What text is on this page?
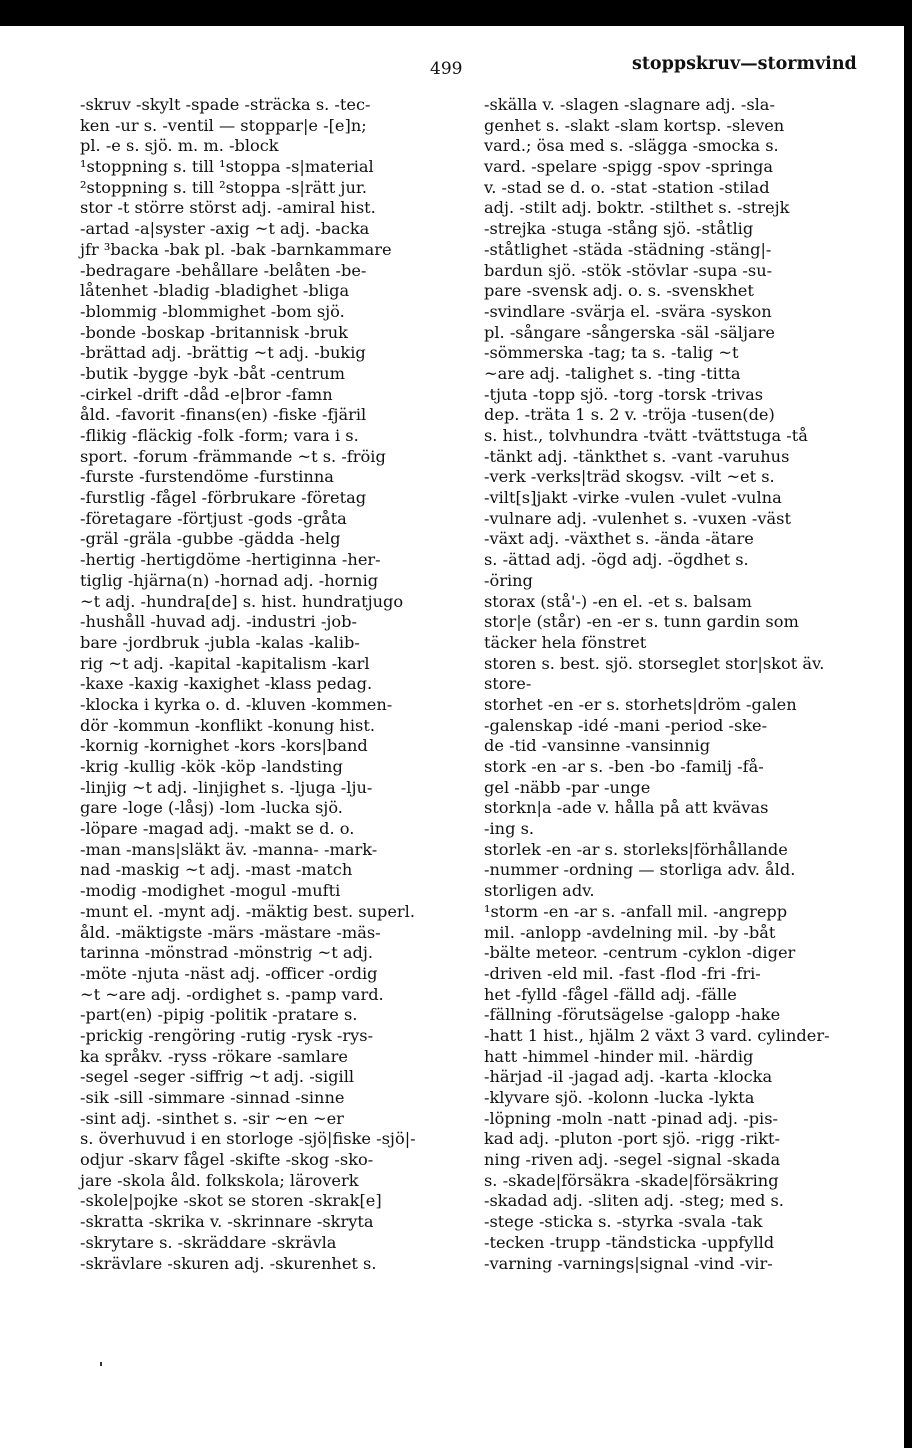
499	stoppskruv—stormvind
-skruv -skylt -spade -sträcka s. -tec-
ken -ur s. -ventil — stoppar|e -[e]n;
pl. -e s. sjö. m. m. -block
¹stoppning s. till ¹stoppa -s|material
²stoppning s. till ²stoppa -s|rätt jur.
stor -t större störst adj. -amiral hist.
-artad -a|syster -axig ~t adj. -backa
jfr ³backa -bak pl. -bak -barnkammare
-bedragare -behållare -belåten -be-
låtenhet -bladig -bladighet -bliga
-blommig -blommighet -bom sjö.
-bonde -boskap -britannisk -bruk
-brättad adj. -brättig ~t adj. -bukig
-butik -bygge -byk -båt -centrum
-cirkel -drift -dåd -e|bror -famn
åld. -favorit -finans(en) -fiske -fjäril
-flikig -fläckig -folk -form; vara i s.
sport. -forum -främmande ~t s. -fröig
-furste -furstendöme -furstinna
-furstlig -fågel -förbrukare -företag
-företagare -förtjust -gods -gråta
-gräl -gräla -gubbe -gädda -helg
-hertig -hertigdöme -hertiginna -her-
tiglig -hjärna(n) -hornad adj. -hornig
~t adj. -hundra[de] s. hist. hundratjugo
-hushåll -huvad adj. -industri -job-
bare -jordbruk -jubla -kalas -kalib-
rig ~t adj. -kapital -kapitalism -karl
-kaxe -kaxig -kaxighet -klass pedag.
-klocka i kyrka o. d. -kluven -kommen-
dör -kommun -konflikt -konung hist.
-kornig -kornighet -kors -kors|band
-krig -kullig -kök -köp -landsting
-linjig ~t adj. -linjighet s. -ljuga -lju-
gare -loge (-låsj) -lom -lucka sjö.
-löpare -magad adj. -makt se d. o.
-man -mans|släkt äv. -manna- -mark-
nad -maskig ~t adj. -mast -match
-modig -modighet -mogul -mufti
-munt el. -mynt adj. -mäktig best. superl.
åld. -mäktigste -märs -mästare -mäs-
tarinna -mönstrad -mönstrig ~t adj.
-möte -njuta -näst adj. -officer -ordig
~t ~are adj. -ordighet s. -pamp vard.
-part(en) -pipig -politik -pratare s.
-prickig -rengöring -rutig -rysk -rys-
ka språkv. -ryss -rökare -samlare
-segel -seger -siffrig ~t adj. -sigill
-sik -sill -simmare -sinnad -sinne
-sint adj. -sinthet s. -sir ~en ~er
s. överhuvud i en storloge -sjö|fiske -sjö|-
odjur -skarv fågel -skifte -skog -sko-
jare -skola åld. folkskola; läroverk
-skole|pojke -skot se storen -skrak[e]
-skratta -skrika v. -skrinnare -skryta
-skrytare s. -skräddare -skrävla
-skrävlare -skuren adj. -skurenhet s.
-skälla v. -slagen -slagnare adj. -sla-
genhet s. -slakt -slam kortsp. -sleven
vard.; ösa med s. -slägga -smocka s.
vard. -spelare -spigg -spov -springa
v. -stad se d. o. -stat -station -stilad
adj. -stilt adj. boktr. -stilthet s. -strejk
-strejka -stuga -stång sjö. -ståtlig
-ståtlighet -städa -städning -stäng|-
bardun sjö. -stök -stövlar -supa -su-
pare -svensk adj. o. s. -svenskhet
-svindlare -svärja el. -svära -syskon
pl. -sångare -sångerska -säl -säljare
-sömmerska -tag; ta s. -talig ~t
~are adj. -talighet s. -ting -titta
-tjuta -topp sjö. -torg -torsk -trivas
dep. -träta 1 s. 2 v. -tröja -tusen(de)
s. hist., tolvhundra -tvätt -tvättstuga -tå
-tänkt adj. -tänkthet s. -vant -varuhus
-verk -verks|träd skogsv. -vilt ~et s.
-vilt[s]jakt -virke -vulen -vulet -vulna
-vulnare adj. -vulenhet s. -vuxen -väst
-växt adj. -växthet s. -ända -ätare
s. -ättad adj. -ögd adj. -ögdhet s.
-öring
storax (stå'-) -en el. -et s. balsam
stor|e (står) -en -er s. tunn gardin som
täcker hela fönstret
storen s. best. sjö. storseglet stor|skot äv.
store-
storhet -en -er s. storhets|dröm -galen
-galenskap -idé -mani -period -ske-
de -tid -vansinne -vansinnig
stork -en -ar s. -ben -bo -familj -få-
gel -näbb -par -unge
storkn|a -ade v. hålla på att kvävas
-ing s.
storlek -en -ar s. storleks|förhållande
-nummer -ordning — storliga adv. åld.
storligen adv.
¹storm -en -ar s. -anfall mil. -angrepp
mil. -anlopp -avdelning mil. -by -båt
-bälte meteor. -centrum -cyklon -diger
-driven -eld mil. -fast -flod -fri -fri-
het -fylld -fågel -fälld adj. -fälle
-fällning -förutsägelse -galopp -hake
-hatt 1 hist., hjälm 2 växt 3 vard. cylinder-
hatt -himmel -hinder mil. -härdig
-härjad -il -jagad adj. -karta -klocka
-klyvare sjö. -kolonn -lucka -lykta
-löpning -moln -natt -pinad adj. -pis-
kad adj. -pluton -port sjö. -rigg -rikt-
ning -riven adj. -segel -signal -skada
s. -skade|försäkra -skade|försäkring
-skadad adj. -sliten adj. -steg; med s.
-stege -sticka s. -styrka -svala -tak
-tecken -trupp -tändsticka -uppfylld
-varning -varnings|signal -vind -vir-
